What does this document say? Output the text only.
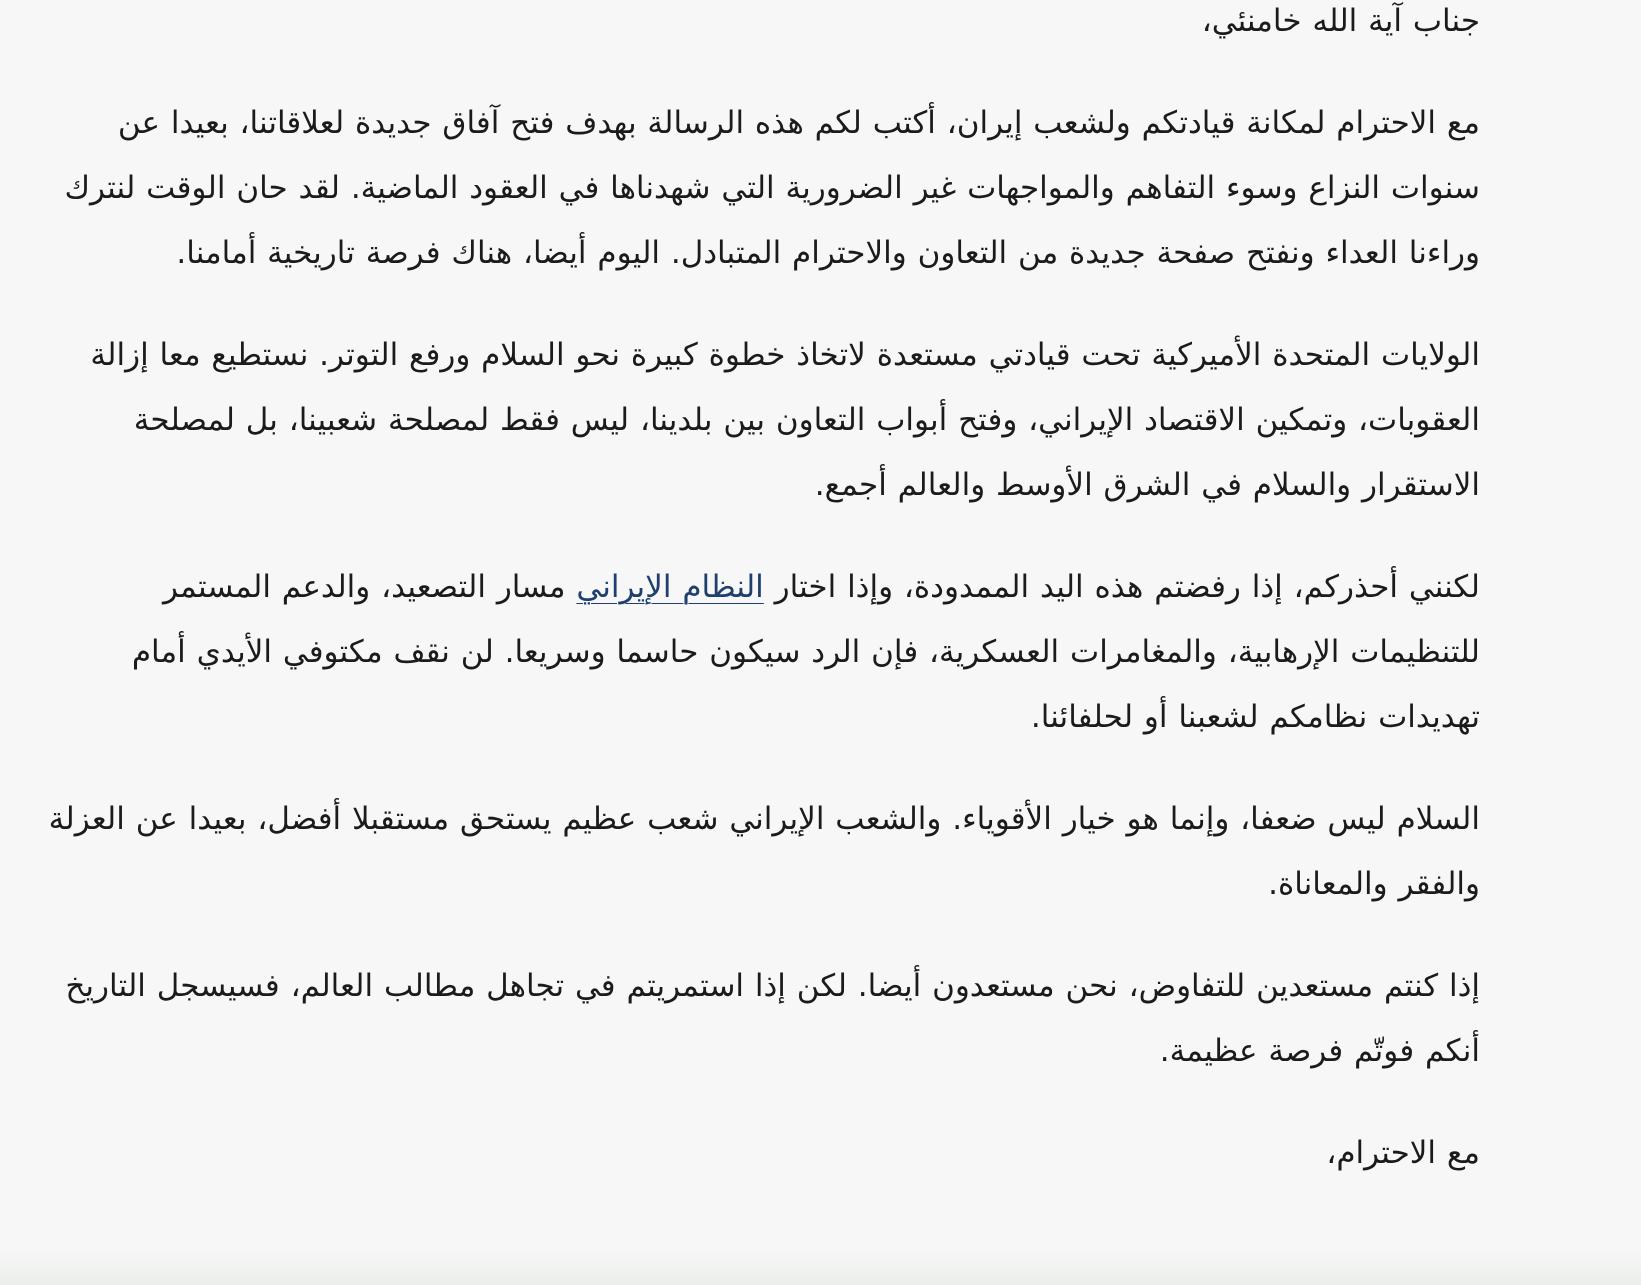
جناب آية الله خامنئي،

مع الاحترام لمكانة قيادتكم ولشعب إيران، أكتب لكم هذه الرسالة بهدف فتح آفاق جديدة لعلاقاتنا، بعيدا عن سنوات النزاع وسوء التفاهم والمواجهات غير الضرورية التي شهدناها في العقود الماضية. لقد حان الوقت لنترك وراءنا العداء ونفتح صفحة جديدة من التعاون والاحترام المتبادل. اليوم أيضا، هناك فرصة تاريخية أمامنا.

الولايات المتحدة الأميركية تحت قيادتي مستعدة لاتخاذ خطوة كبيرة نحو السلام ورفع التوتر. نستطيع معا إزالة العقوبات، وتمكين الاقتصاد الإيراني، وفتح أبواب التعاون بين بلدينا، ليس فقط لمصلحة شعبينا، بل لمصلحة الاستقرار والسلام في الشرق الأوسط والعالم أجمع.

لكنني أحذركم، إذا رفضتم هذه اليد الممدودة، وإذا اختار النظام الإيراني مسار التصعيد، والدعم المستمر للتنظيمات الإرهابية، والمغامرات العسكرية، فإن الرد سيكون حاسما وسريعا. لن نقف مكتوفي الأيدي أمام تهديدات نظامكم لشعبنا أو لحلفائنا.

السلام ليس ضعفا، وإنما هو خيار الأقوياء. والشعب الإيراني شعب عظيم يستحق مستقبلا أفضل، بعيدا عن العزلة والفقر والمعاناة.

إذا كنتم مستعدين للتفاوض، نحن مستعدون أيضا. لكن إذا استمريتم في تجاهل مطالب العالم، فسيسجل التاريخ أنكم فوتّم فرصة عظيمة.

مع الاحترام،
